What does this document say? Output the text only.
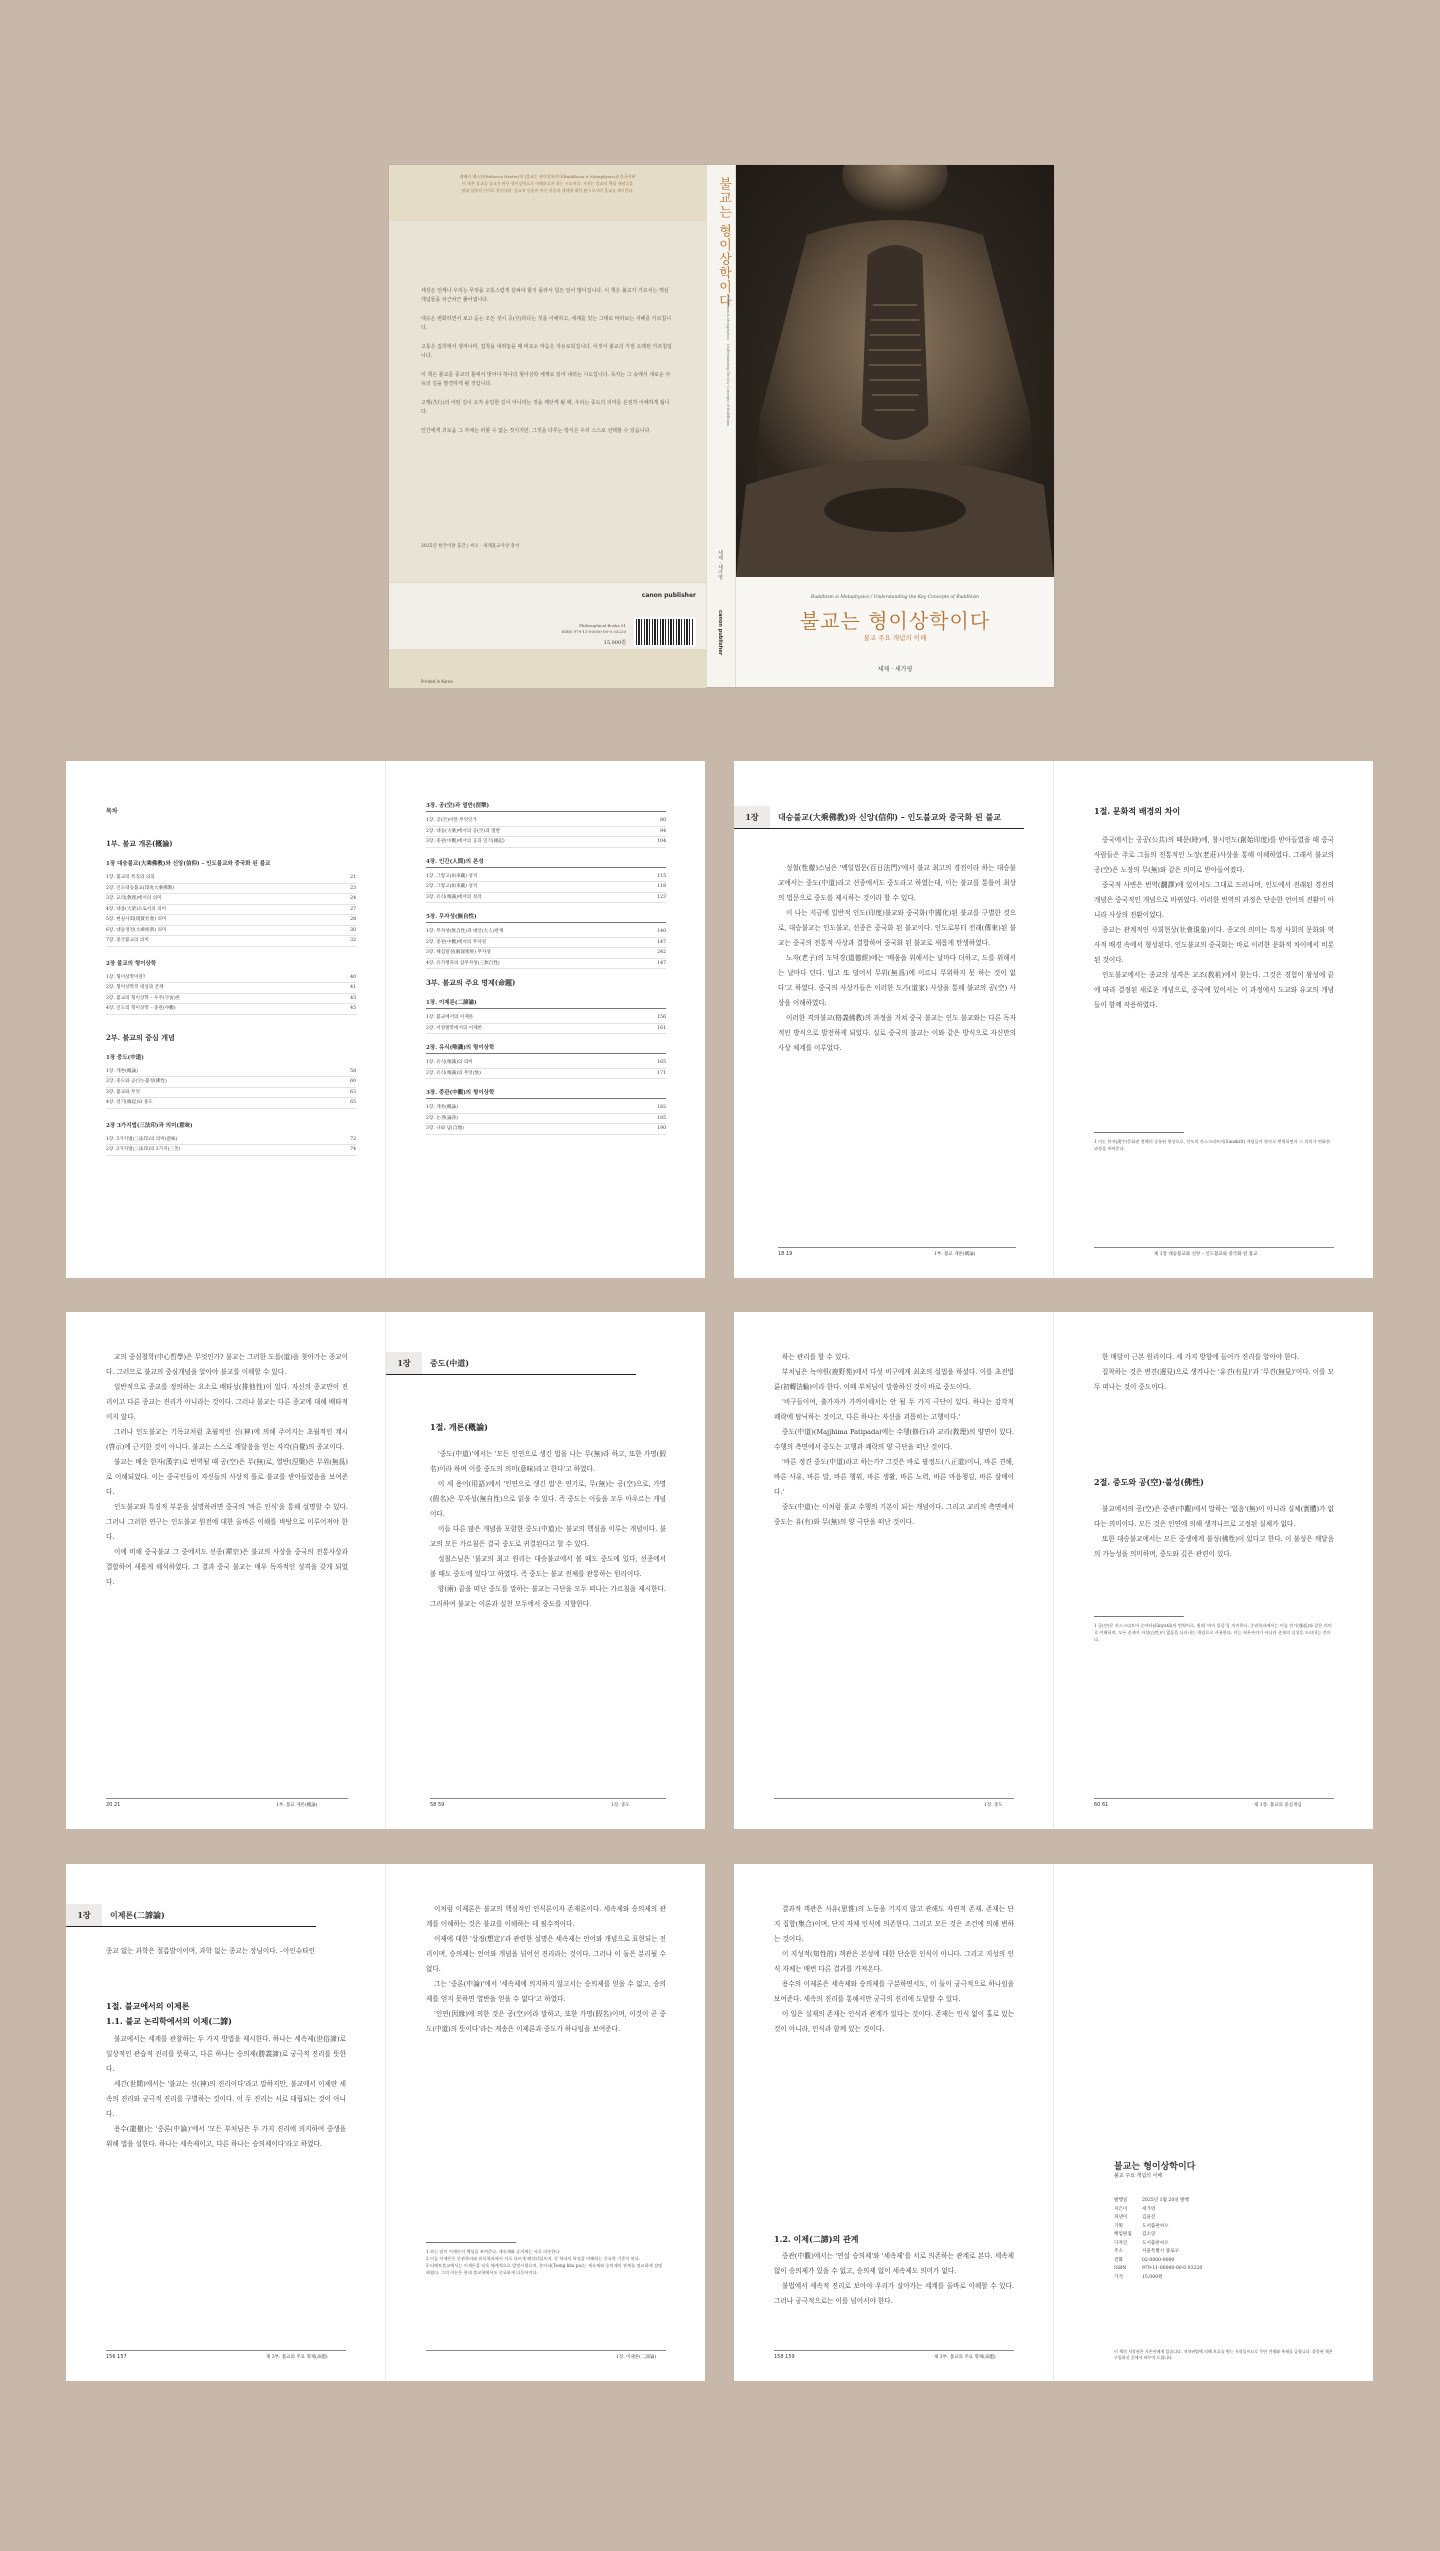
레베카 헤스터(Rebecca Hester)의 [불교는 형이상학이다(Buddhism is Metaphysics)] 한국어판

이 책은 불교를 종교가 아닌 형이상학으로 이해하고자 하는 시도이다. 저자는 불교의 핵심 개념들을

현대 철학의 언어로 풀어내며, 종교적 믿음이 아닌 마음과 세계에 대한 탐구로서의 불교를 제시한다.

세상은 언제나 우리는 무엇을 고통스럽게 살펴야 할지 몰라서 힘든 일이 많아집니다. 이 책은 불교가 가르치는 핵심 개념들을 차근차근 풀어냅니다.

대승은 변화하면서 보고 듣는 모든 것이 공(空)하다는 것을 이해하고, 세계를 있는 그대로 바라보는 지혜를 가르칩니다.

고통은 집착에서 생겨나며, 집착을 내려놓을 때 비로소 마음은 자유로워집니다. 이것이 불교의 가장 오래된 가르침입니다.

이 책은 불교를 종교의 틀에서 벗어나 하나의 형이상학 체계로 읽어 내려는 시도입니다. 독자는 그 속에서 새로운 사유의 길을 발견하게 될 것입니다.

고행(苦行)의 어떤 길이 오직 유일한 길이 아니라는 것을 깨닫게 될 때, 우리는 중도의 의미를 온전히 이해하게 됩니다.

인간에게 괴로움 그 자체는 피할 수 없는 것이지만, 그것을 다루는 방식은 우리 스스로 선택할 수 있습니다.

2025년 한국어판 출간 | 씨오 · 세계불교사상 총서
canon publisher

Philosophical Books 01

ISBN 979-11-00000-00-0 03220

15,000원
Printed in Korea
불교는 형이상학이다
Buddhism is Metaphysics · Understanding the Key Concepts of Buddhism
세제 · 세가영
canon publisher
Buddhism is Metaphysics / Understanding the Key Concepts of Buddhism
불교는 형이상학이다
불교 주요 개념의 이해
세제 · 세가영
목차
1부. 불교 개론(概論)
1장 대승불교(大乘佛教)와 신앙(信仰) – 인도불교와 중국화 된 불교
1장. 불교의 특징과 의의	21
2장. 인도대승불교(印度大乘佛教)	23
3장. 교리(敎理)에서의 의미	24
4장. 대중(大衆)으로서의 의미	27
5장. 현실사회(現實社會) 의미	28
6장. 대승경전(大乘經典) 의미	30
7장. 중국불교의 의미	32
2장 불교의 형이상학
1장. 형이상학이란?	40
2장. 형이상학적 대상과 존재	41
3장. 불교의 형이상학 – 우주(宇宙)론	43
4장. 인도의 형이상학 – 중관(中觀)	45
2부. 불교의 중심 개념
1장 중도(中道)
1장. 개론(槪論)	58
2장. 중도와 공(空)·불성(佛性)	60
3장. 불교와 무엇	63
4장. 연기(緣起)와 중도	65
2장 3가지법(三法印)과 의미(意味)
1장. 3가지법(三法印)의 의미(意味)	72
2장. 3가지법(三法印)의 3가지(三苦)	74
3장. 공(空)과 열반(涅槃)
1장. 공(空)이란 무엇인가	80
2장. 대승(大乘)에서의 공(空)과 열반	94
3장. 중관(中觀)에서의 공과 연기(緣起)	104
4장. 인간(人間)의 본성
1장. 그렇고(如來藏) 성격	115
2장. 그렇고(如來藏) 성격	118
3장. 유식(唯識)에서의 성격	123
5장. 무자성(無自性)
1장. 무자성(無自性)과 대인(大人)관계	140
2장. 중관(中觀)에서의 무자성	147
3장. 해심밀경(解深密經) 무자성	242
4장. 유가행파의 삼무자성(三無自性)	147
3부. 불교의 주요 명제(命題)
1장. 이제론(二諦論)
1장. 불교에서의 이제론	156
2장. 서양철학에서의 이제론	161
2장. 유식(唯識)의 형이상학
1장. 유식(唯識)의 의미	165
2장. 유식(唯識)의 무엇(無)	171
3장. 중관(中觀)의 형이상학
1장. 개론(槪論)	182
2장. 논쟁(論諍)	185
3장. 나와 남(自他)	190
1장	대승불교(大乘佛教)와 신앙(信仰) – 인도불교와 중국화 된 불교

성철(性徹)스님은 '백일법문(百日法門)'에서 불교 최고의 경전이라 하는 대승불교에서는 중도(中道)라고 선종에서도 중도라고 하였는데, 이는 불교를 통틀어 최상의 법문으로 중도를 제시하는 것이라 할 수 있다.

이 나는 지금에 일반적 인도(印度)불교와 중국화(中國化)된 불교를 구별한 것으로, 대승불교는 인도불교, 선종은 중국화 된 불교이다. 인도로부터 전래(傳來)된 불교는 중국의 전통적 사상과 결합하여 중국화 된 불교로 새롭게 탄생하였다.

노자(老子)의 도덕경(道德經)에는 '배움을 위해서는 날마다 더하고, 도를 위해서는 날마다 던다. 덜고 또 덜어서 무위(無爲)에 이르니 무위하지 못 하는 것이 없다'고 하였다. 중국의 사상가들은 이러한 도가(道家) 사상을 통해 불교의 공(空) 사상을 이해하였다.

이러한 격의불교(格義佛教)의 과정을 거쳐 중국 불교는 인도 불교와는 다른 독자적인 방식으로 발전하게 되었다. 실로 중국의 불교는 이와 같은 방식으로 자신만의 사상 체계를 이루었다.

18 19	1부. 불교 개론(概論)
1절. 문화적 배경의 차이

중국에서는 공공(公共)의 때문(時)에, 창시인도(創始印度)를 받아들였을 때 중국 사람들은 주로 그들의 전통적인 노장(老莊)사상을 통해 이해하였다. 그래서 불교의 공(空)은 노장의 무(無)와 같은 의미로 받아들여졌다.

중국적 사변은 번역(飜譯)에 있어서도 그대로 드러나며, 인도에서 전래된 경전의 개념은 중국적인 개념으로 바뀌었다. 이러한 번역의 과정은 단순한 언어의 전환이 아니라 사상의 전환이었다.

종교는 관계적인 사회현상(社會現象)이다. 종교의 의미는 특정 사회의 문화와 역사적 배경 속에서 형성된다. 인도불교의 중국화는 바로 이러한 문화적 차이에서 비롯된 것이다.

인도불교에서는 종교의 성격은 교조(敎祖)에서 찾는다. 그것은 경험이 왕성에 끝에 따라 결정된 새로운 개념으로, 중국에 있어서는 이 과정에서 도교와 유교의 개념들이 함께 작용하였다.

1 이는 한자(漢字)문화권 전체의 공통된 현상으로, 인도의 산스크리트어(Sanskrit) 개념들이 한자로 번역되면서 그 의미가 변화한 과정을 보여준다.

제 1장 대승불교와 신앙 – 인도불교와 중국화 된 불교

교의 중심철학(中心哲學)은 무엇인가? 불교는 그러한 도를(道)을 찾아가는 종교이다. 그러므로 불교의 중심개념을 알아야 불교를 이해할 수 있다.

일반적으로 종교를 정의하는 요소로 배타성(排他性)이 있다. 자신의 종교만이 진리이고 다른 종교는 진리가 아니라는 것이다. 그러나 불교는 다른 종교에 대해 배타적이지 않다.

그러나 인도불교는 기독교처럼 초월적인 신(神)에 의해 주어지는 초월적인 계시(啓示)에 근거한 것이 아니다. 불교는 스스로 깨달음을 얻는 자각(自覺)의 종교이다.

불교는 배운 한자(漢字)로 번역될 때 공(空)은 무(無)로, 열반(涅槃)은 무위(無爲)로 이해되었다. 이는 중국인들이 자신들의 사상적 틀로 불교를 받아들였음을 보여준다.

인도불교와 특징적 부분을 설명하려면 중국의 '바른 인식'을 통해 설명할 수 있다. 그러나 그러한 연구는 인도불교 원전에 대한 올바른 이해를 바탕으로 이루어져야 한다.

이에 비해 중국불교 그 중에서도 선종(禪宗)은 불교의 사상을 중국의 전통사상과 결합하여 새롭게 해석하였다. 그 결과 중국 불교는 매우 독자적인 성격을 갖게 되었다.

20 21	1부. 불교 개론(概論)
1장	중도(中道)
1절. 개론(槪論)

'중도(中道)'에서는 '모든 인연으로 생긴 법을 나는 무(無)라 하고, 또한 가명(假名)이라 하며 이를 중도의 의미(意味)라고 한다'고 하였다.

이 세 용어(用語)에서 '인연으로 생긴 법'은 연기로, 무(無)는 공(空)으로, 가명(假名)은 무자성(無自性)으로 읽을 수 있다. 즉 중도는 이들을 모두 아우르는 개념이다.

이들 다른 많은 개념을 포함한 중도(中道)는 불교의 핵심을 이루는 개념이다. 불교의 모든 가르침은 결국 중도로 귀결된다고 할 수 있다.

성철스님은 '불교의 최고 원리는 대승불교에서 볼 때도 중도에 있다, 선종에서 볼 때도 중도에 있다'고 하였다. 즉 중도는 불교 전체를 관통하는 원리이다.

양(兩) 끝을 떠난 중도를 말하는 불교는 극단을 모두 떠나는 가르침을 제시한다. 그리하여 불교는 이론과 실천 모두에서 중도를 지향한다.

58 59	1장. 중도

하는 관리를 할 수 있다.

부처님은 녹야원(鹿野苑)에서 다섯 비구에게 최초의 설법을 하셨다. 이를 초전법륜(初轉法輪)이라 한다. 이때 부처님이 말씀하신 것이 바로 중도이다.

'비구들이여, 출가자가 가까이해서는 안 될 두 가지 극단이 있다. 하나는 감각적 쾌락에 탐닉하는 것이고, 다른 하나는 자신을 괴롭히는 고행이다.'

중도(中道)(Majjhima Patipada)에는 수행(修行)과 교리(敎理)의 양면이 있다. 수행의 측면에서 중도는 고행과 쾌락의 양 극단을 떠난 것이다.

'바른 정견 중도(中道)라고 하는가? 그것은 바로 팔정도(八正道)이니, 바른 견해, 바른 사유, 바른 말, 바른 행위, 바른 생활, 바른 노력, 바른 마음챙김, 바른 삼매이다.'

중도(中道)는 이처럼 불교 수행의 기본이 되는 개념이다. 그리고 교리의 측면에서 중도는 유(有)와 무(無)의 양 극단을 떠난 것이다.

1장. 중도

한 매달이 근본 원리이다. 세 가지 방향에 들어가 진리를 알아야 한다.

집착하는 것은 변견(邊見)으로 생겨나는 '유견(有見)'과 '무견(無見)'이다. 이를 모두 떠나는 것이 중도이다.

2절. 중도와 공(空)·불성(佛性)

불교에서의 공(空)은 중관(中觀)에서 말하는 '없음'(無)이 아니라 실체(實體)가 없다는 의미이다. 모든 것은 인연에 의해 생겨나므로 고정된 실체가 없다.

또한 대승불교에서는 모든 중생에게 불성(佛性)이 있다고 한다. 이 불성은 깨달음의 가능성을 의미하며, 중도와 깊은 관련이 있다.

1 공(空)은 산스크리트어 순야타(śūnyatā)의 번역어로, 원래 '비어 있음'을 의미한다. 중관학파에서는 이를 연기(緣起)와 같은 의미로 이해하며, 모든 존재가 자성(自性)이 없음을 나타내는 개념으로 사용한다. 이는 허무주의가 아니라 존재의 실상을 드러내는 것이다.

60 61	제 1장. 불교의 중심개념
1장	이제론(二諦論)

종교 없는 과학은 절름발이이며, 과학 없는 종교는 장님이다. –아인슈타인

1절. 불교에서의 이제론
1.1. 불교 논리학에서의 이제(二諦)

불교에서는 세계를 관찰하는 두 가지 방법을 제시한다. 하나는 세속제(世俗諦)로 일상적인 관습적 진리를 뜻하고, 다른 하나는 승의제(勝義諦)로 궁극적 진리를 뜻한다.

세간(世間)에서는 '불교는 신(神)의 진리이다'라고 말하지만, 불교에서 이제란 세속의 진리와 궁극적 진리를 구별하는 것이다. 이 두 진리는 서로 대립되는 것이 아니다.

용수(龍樹)는 '중론(中論)'에서 '모든 부처님은 두 가지 진리에 의지하여 중생을 위해 법을 설한다. 하나는 세속제이고, 다른 하나는 승의제이다'라고 하였다.

156 157	제 3부. 불교의 주요 명제(命題)

이처럼 이제론은 불교의 핵심적인 인식론이자 존재론이다. 세속제와 승의제의 관계를 이해하는 것은 불교를 이해하는 데 필수적이다.

이제에 대한 '상정(想定)'과 관련한 설명은 세속제는 언어와 개념으로 표현되는 진리이며, 승의제는 언어와 개념을 넘어선 진리라는 것이다. 그러나 이 둘은 분리될 수 없다.

그는 '중론(中論)'에서 '세속제에 의지하지 않고서는 승의제를 얻을 수 없고, 승의제를 얻지 못하면 열반을 얻을 수 없다'고 하였다.

'인연(因緣)에 의한 것은 공(空)이라 말하고, 또한 가명(假名)이며, 이것이 곧 중도(中道)의 뜻이다'라는 게송은 이제론과 중도가 하나임을 보여준다.

1 하는 말이 이제론의 핵심을 보여준다. 세속제와 승의제는 서로 의존한다.

2 이들 이제론은 중관학파와 유식학파에서 서로 다르게 해석되었으며, 각 학파의 특징을 이해하는 중요한 기준이 된다.

3 티베트불교에서는 이제론을 더욱 체계적으로 발전시켰으며, 쫑카파(Tsong kha pa)는 세속제와 승의제의 관계를 정교하게 설명하였다. 그의 이론은 현대 불교학에서도 중요하게 다루어진다.

1장. 이제론(二諦論)

결과적 객관은 사유(思惟)의 노동을 기지지 않고 관해도 자연적 존재. 존재는 단지 집합(集合)이며, 단지 자체 인식에 의존한다. 그리고 모든 것은 조건에 의해 변하는 것이다.

이 지성적(知性的) 객관은 본성에 대한 단순한 인식이 아니다. 그리고 지성의 인식 자체는 매번 다른 결과를 가져온다.

용수의 이제론은 세속제와 승의제를 구분하면서도, 이 둘이 궁극적으로 하나임을 보여준다. 세속의 진리를 통해서만 궁극의 진리에 도달할 수 있다.

이 일은 실재의 존재는 인식과 관계가 있다는 것이다. 존재는 인식 없이 홀로 있는 것이 아니라, 인식과 함께 있는 것이다.

1.2. 이제(二諦)의 관계

중관(中觀)에서는 '연설 승의제'와 '세속제'를 서로 의존하는 관계로 본다. 세속제 없이 승의제가 있을 수 없고, 승의제 없이 세속제도 의미가 없다.

불법에서 세속적 진리로 보아야 우리가 살아가는 세계를 올바로 이해할 수 있다. 그러나 궁극적으로는 이를 넘어서야 한다.

158 159	제 3부. 불교의 주요 명제(命題)
불교는 형이상학이다
불교 주요 개념의 이해
발행일	2025년 1월 20일 발행
지은이	세가영
펴낸이	김윤진
기획	도서출판씨오
책임편집	김소연
디자인	도서출판씨오
주소	서울특별시 종로구
전화	02-0000-0000
ISBN	979-11-00000-00-0 03220
가격	15,000원
이 책의 저작권은 지은이에게 있습니다. 저작권법에 의해 보호를 받는 저작물이므로 무단 전재와 복제를 금합니다. 잘못된 책은 구입하신 곳에서 바꾸어 드립니다.
